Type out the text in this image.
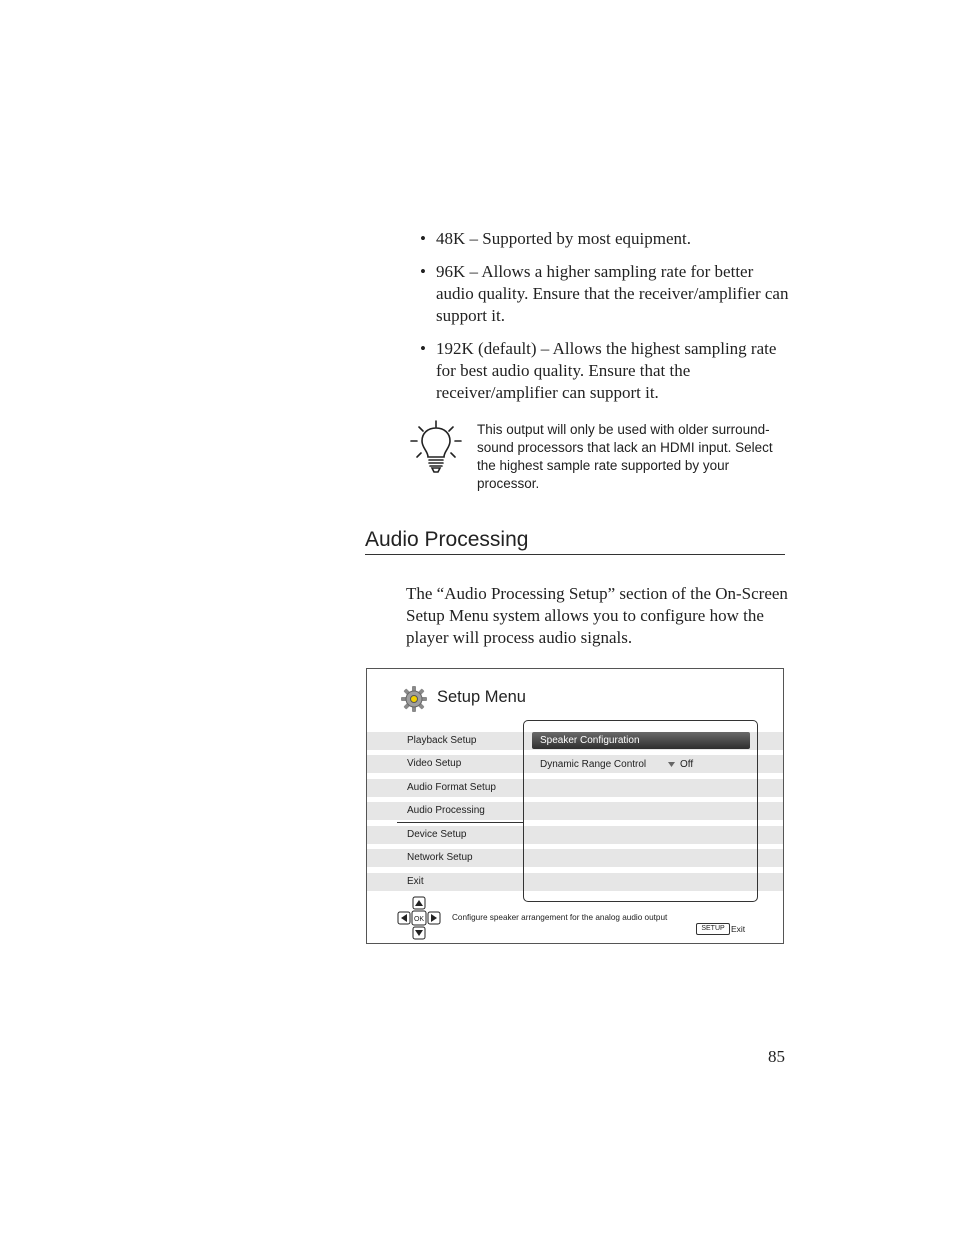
• 48K – Supported by most equipment.
• 96K – Allows a higher sampling rate for better audio quality. Ensure that the receiver/amplifier can support it.
• 192K (default) – Allows the highest sampling rate for best audio quality. Ensure that the receiver/amplifier can support it.
This output will only be used with older surround-sound processors that lack an HDMI input. Select the highest sample rate supported by your processor.
Audio Processing

The “Audio Processing Setup” section of the On-Screen Setup Menu system allows you to configure how the player will process audio signals.

Setup Menu
Playback Setup
Video Setup
Audio Format Setup
Audio Processing
Device Setup
Network Setup
Exit
Speaker Configuration
Dynamic Range Control	Off
OK	Configure speaker arrangement for the analog audio output
SETUP Exit
85
